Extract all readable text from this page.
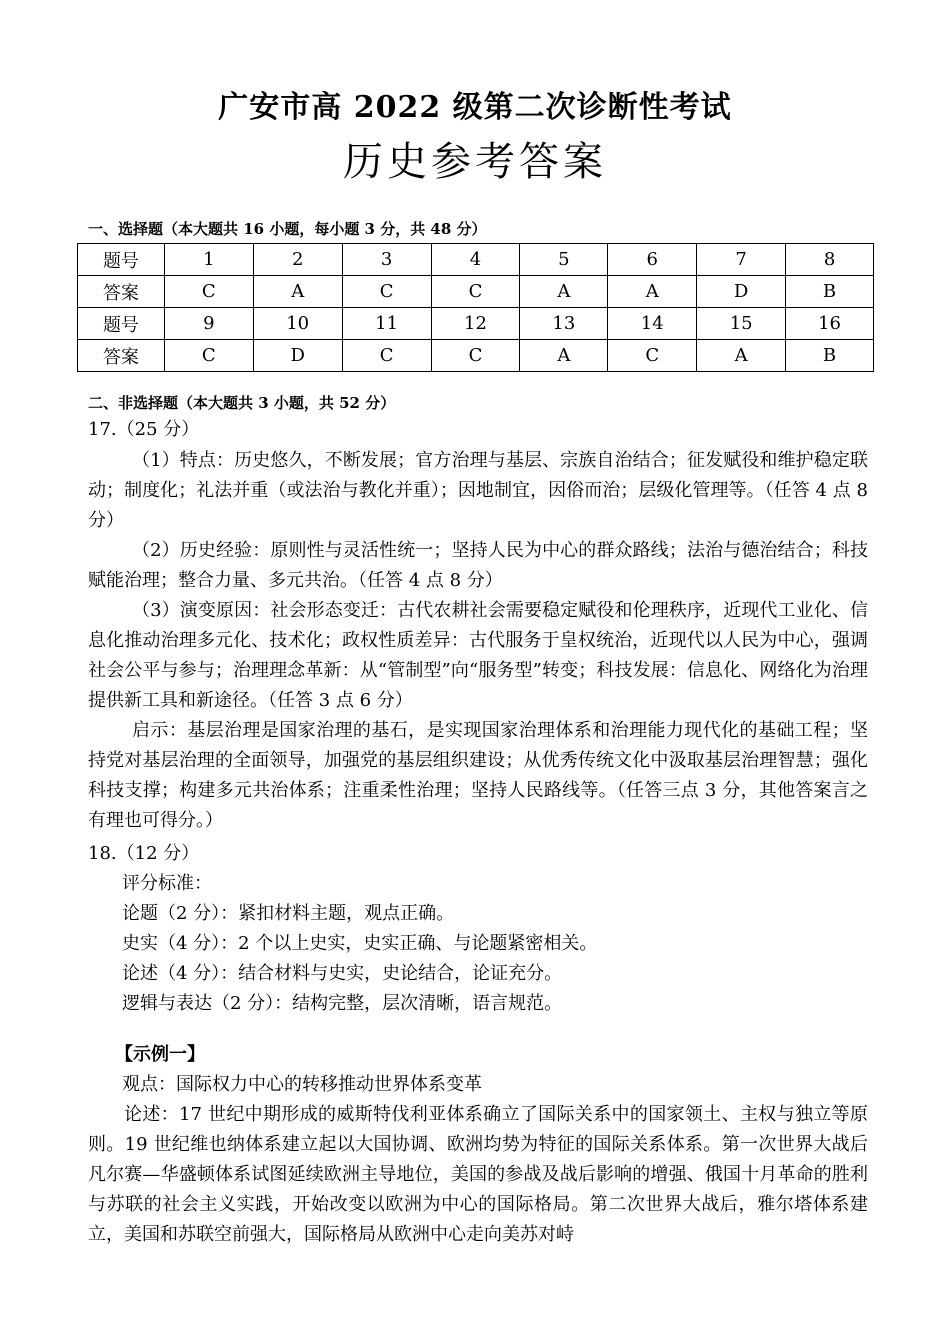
广安市高 2022 级第二次诊断性考试
历史参考答案
一、选择题（本大题共 16 小题，每小题 3 分，共 48 分）
题号	1	2	3	4	5	6	7	8
答案	C	A	C	C	A	A	D	B
题号	9	10	11	12	13	14	15	16
答案	C	D	C	C	A	C	A	B
二、非选择题（本大题共 3 小题，共 52 分）
17.（25 分）

（1）特点：历史悠久，不断发展；官方治理与基层、宗族自治结合；征发赋役和维护稳定联动；制度化；礼法并重（或法治与教化并重）；因地制宜，因俗而治；层级化管理等。（任答 4 点 8 分）

（2）历史经验：原则性与灵活性统一；坚持人民为中心的群众路线；法治与德治结合；科技赋能治理；整合力量、多元共治。（任答 4 点 8 分）

（3）演变原因：社会形态变迁：古代农耕社会需要稳定赋役和伦理秩序，近现代工业化、信息化推动治理多元化、技术化；政权性质差异：古代服务于皇权统治，近现代以人民为中心，强调社会公平与参与；治理理念革新：从“管制型”向“服务型”转变；科技发展：信息化、网络化为治理提供新工具和新途径。（任答 3 点 6 分）

启示：基层治理是国家治理的基石，是实现国家治理体系和治理能力现代化的基础工程；坚持党对基层治理的全面领导，加强党的基层组织建设；从优秀传统文化中汲取基层治理智慧；强化科技支撑；构建多元共治体系；注重柔性治理；坚持人民路线等。（任答三点 3 分，其他答案言之有理也可得分。）

18.（12 分）
评分标准：
论题（2 分）：紧扣材料主题，观点正确。
史实（4 分）：2 个以上史实，史实正确、与论题紧密相关。
论述（4 分）：结合材料与史实，史论结合，论证充分。
逻辑与表达（2 分）：结构完整，层次清晰，语言规范。
【示例一】
观点：国际权力中心的转移推动世界体系变革

论述：17 世纪中期形成的威斯特伐利亚体系确立了国际关系中的国家领土、主权与独立等原则。19 世纪维也纳体系建立起以大国协调、欧洲均势为特征的国际关系体系。第一次世界大战后凡尔赛—华盛顿体系试图延续欧洲主导地位，美国的参战及战后影响的增强、俄国十月革命的胜利与苏联的社会主义实践，开始改变以欧洲为中心的国际格局。第二次世界大战后，雅尔塔体系建立，美国和苏联空前强大，国际格局从欧洲中心走向美苏对峙
